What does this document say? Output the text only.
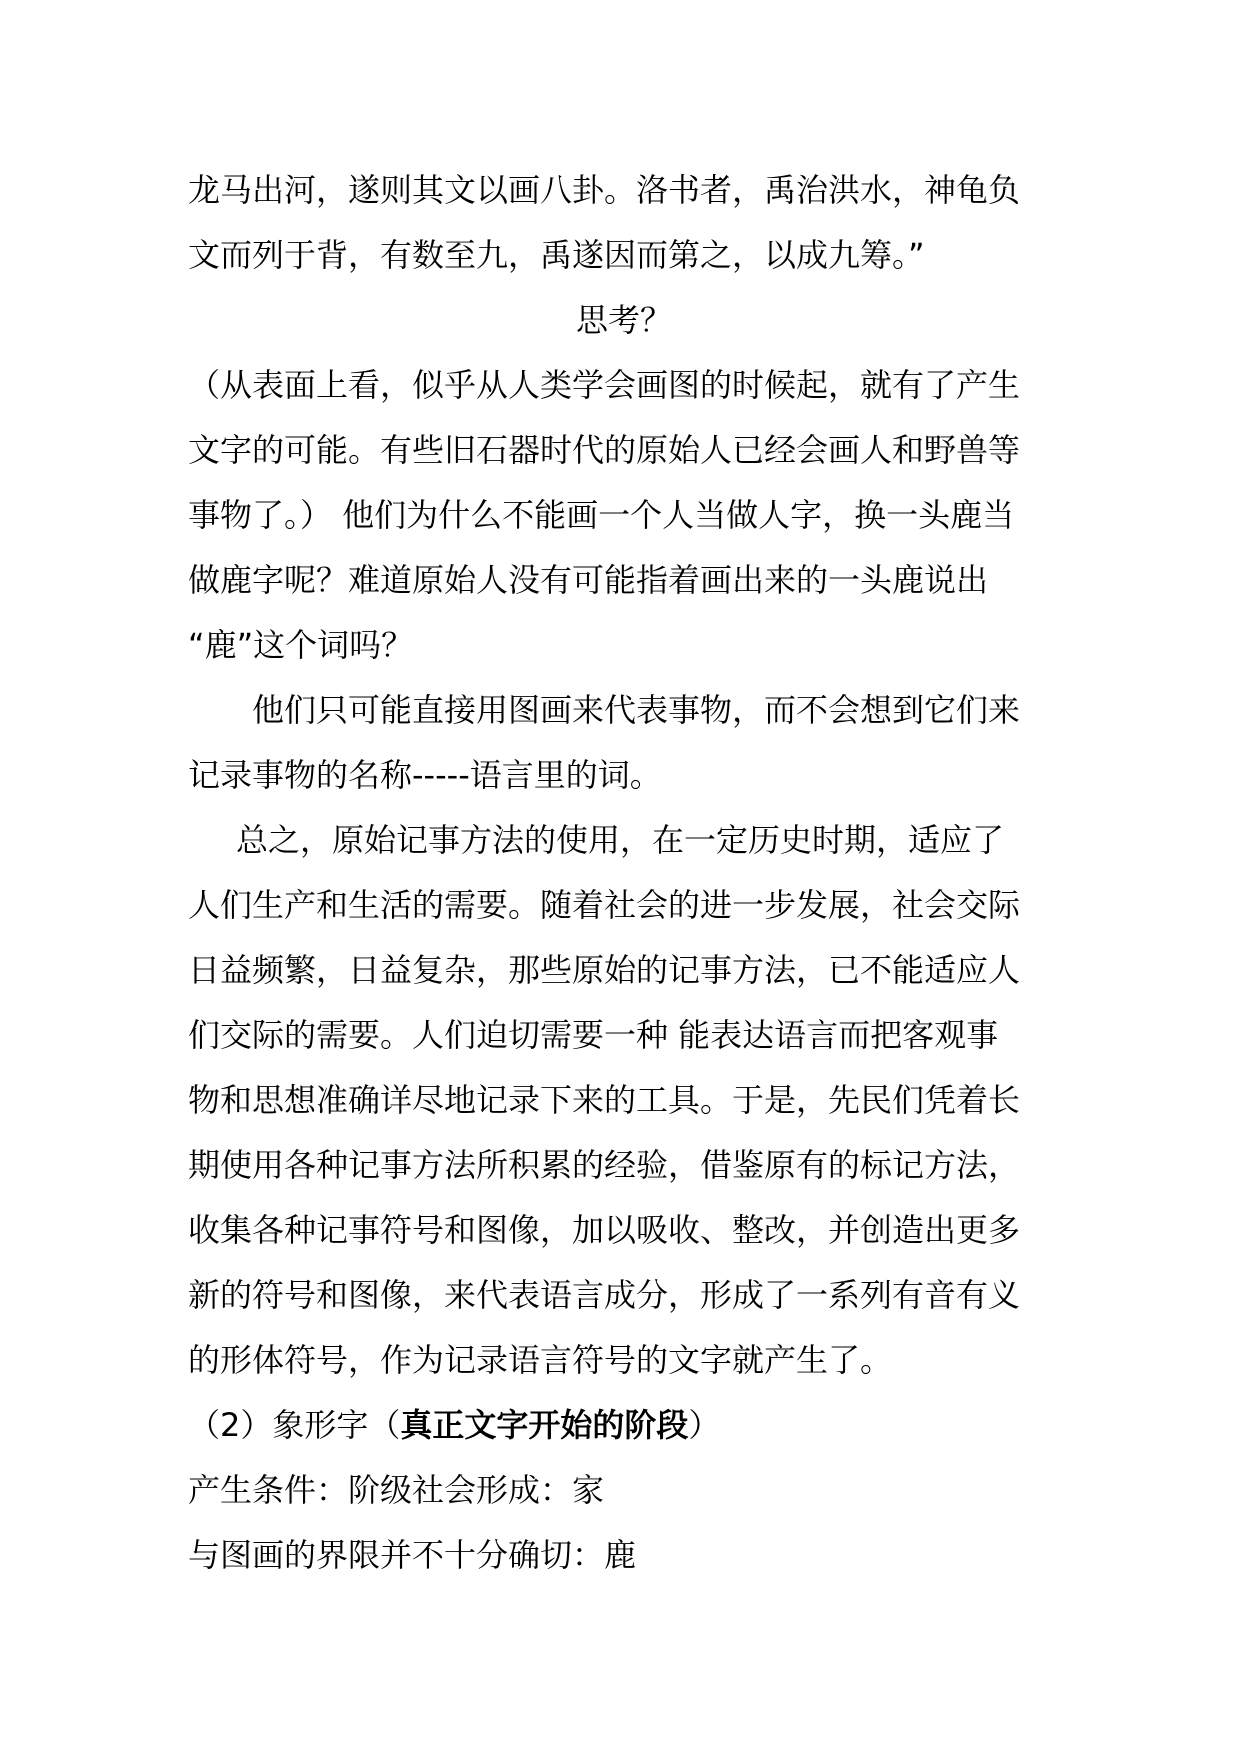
龙马出河，遂则其文以画八卦。洛书者，禹治洪水，神龟负
文而列于背，有数至九，禹遂因而第之，以成九筹。”
思考？
（从表面上看，似乎从人类学会画图的时候起，就有了产生
文字的可能。有些旧石器时代的原始人已经会画人和野兽等
事物了。） 他们为什么不能画一个人当做人字，换一头鹿当
做鹿字呢？难道原始人没有可能指着画出来的一头鹿说出
“鹿”这个词吗？
他们只可能直接用图画来代表事物，而不会想到它们来
记录事物的名称-----语言里的词。
总之，原始记事方法的使用，在一定历史时期，适应了
人们生产和生活的需要。随着社会的进一步发展，社会交际
日益频繁，日益复杂，那些原始的记事方法，已不能适应人
们交际的需要。人们迫切需要一种 能表达语言而把客观事
物和思想准确详尽地记录下来的工具。于是，先民们凭着长
期使用各种记事方法所积累的经验，借鉴原有的标记方法，
收集各种记事符号和图像，加以吸收、整改，并创造出更多
新的符号和图像，来代表语言成分，形成了一系列有音有义
的形体符号，作为记录语言符号的文字就产生了。
（2）象形字（真正文字开始的阶段）
产生条件：阶级社会形成：家
与图画的界限并不十分确切：鹿
